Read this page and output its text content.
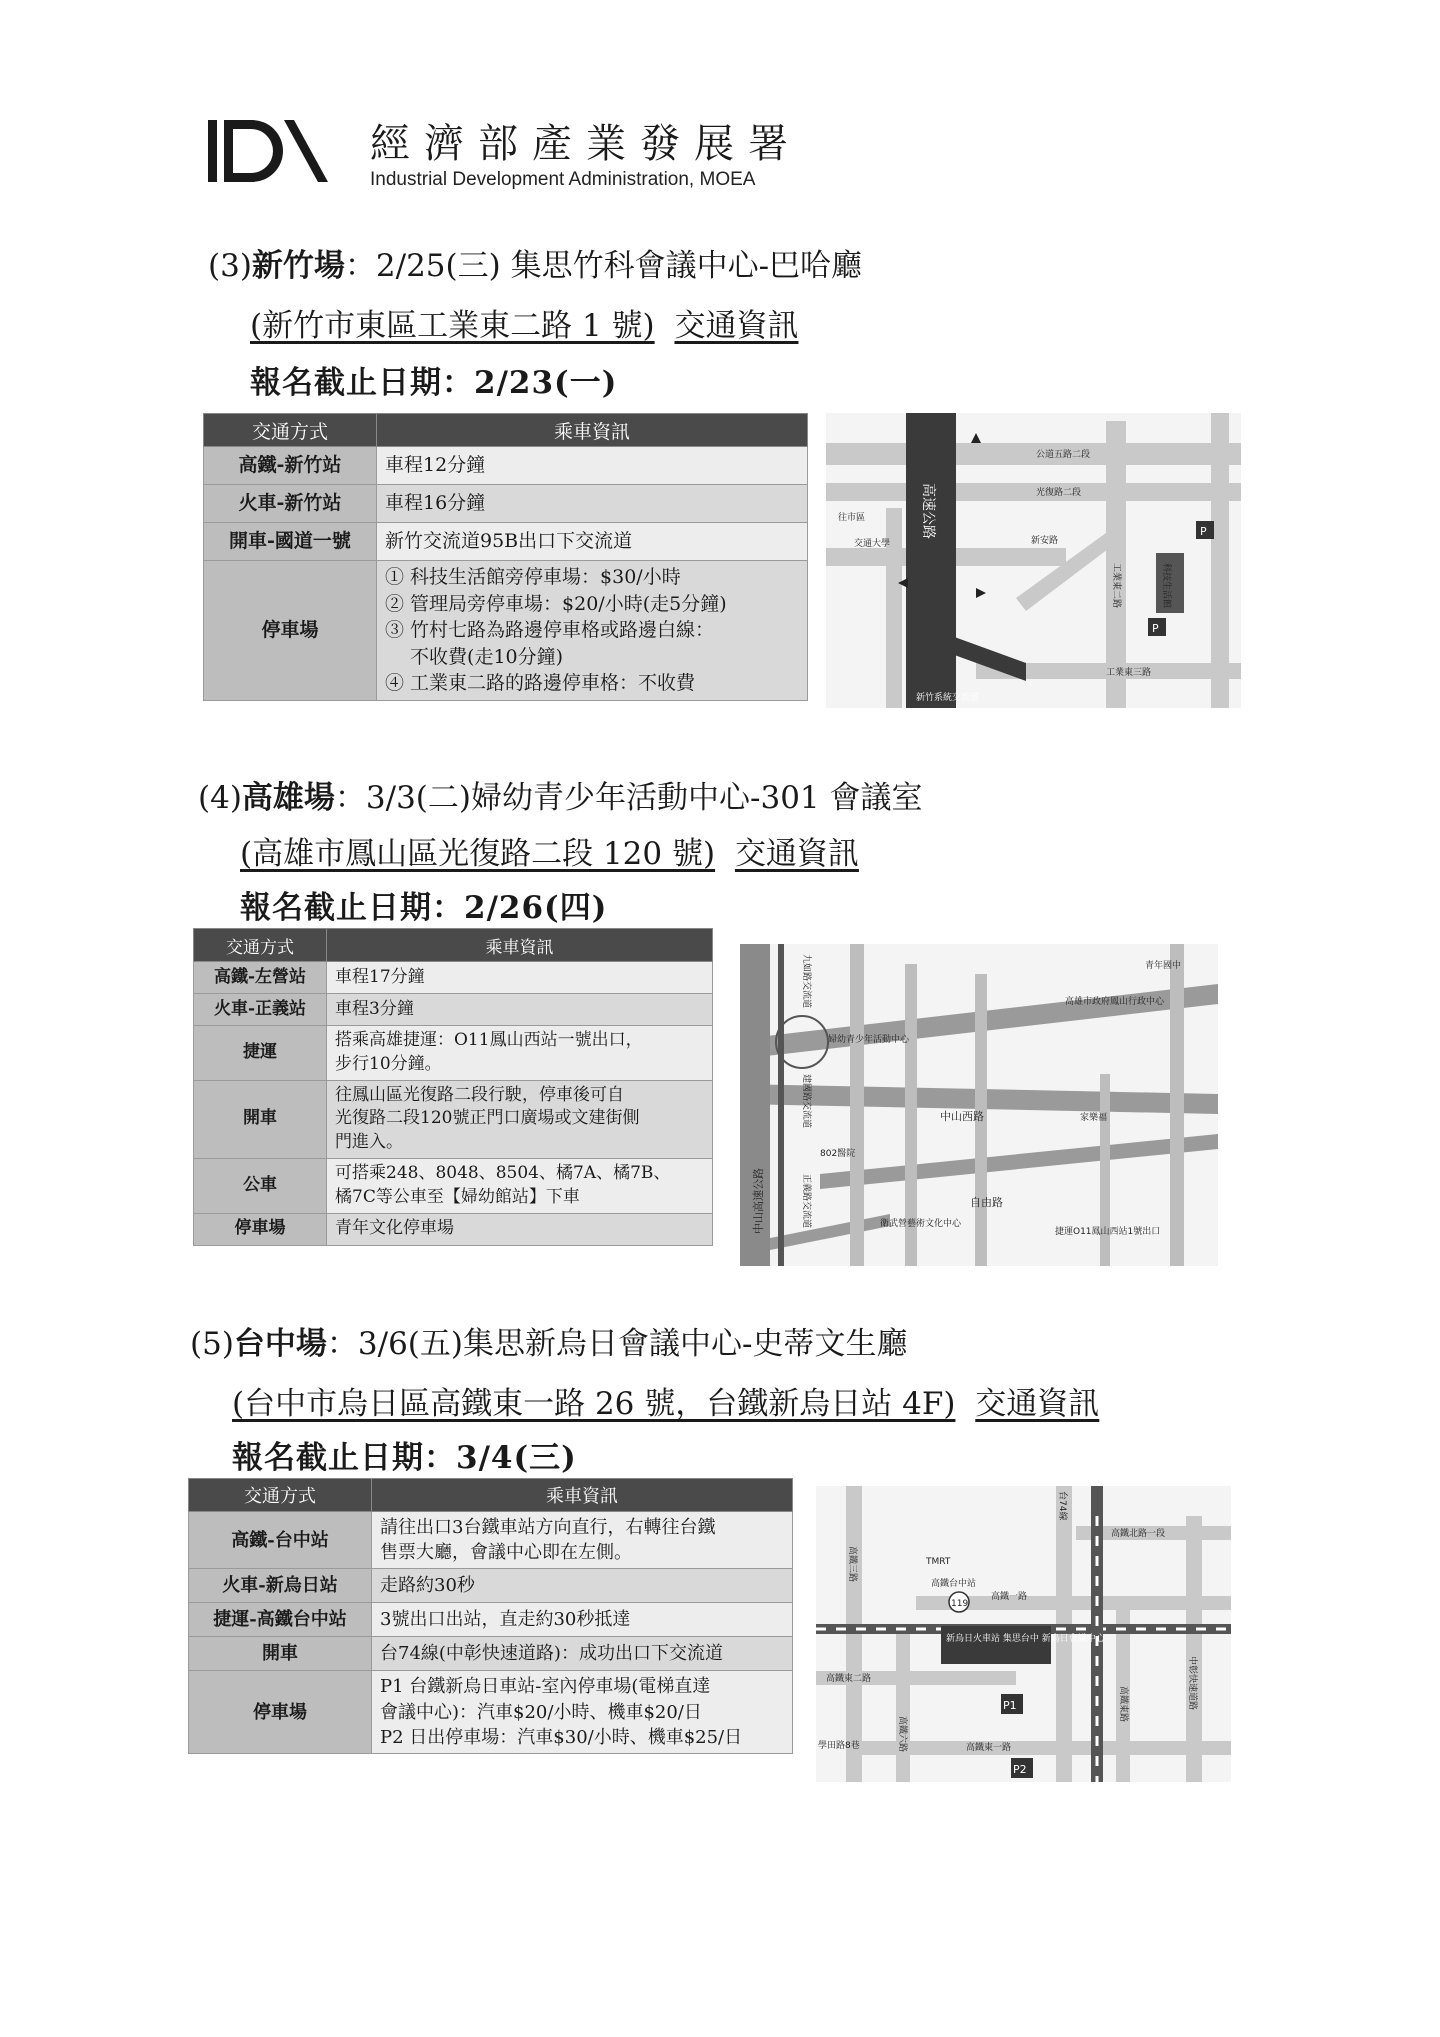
經濟部產業發展署
Industrial Development Administration, MOEA
(3)新竹場：2/25(三) 集思竹科會議中心-巴哈廳
(新竹市東區工業東二路 1 號) 交通資訊
報名截止日期：2/23(一)
交通方式	乘車資訊
高鐵-新竹站	車程12分鐘
火車-新竹站	車程16分鐘
開車-國道一號	新竹交流道95B出口下交流道
停車場	① 科技生活館旁停車場：$30/小時
② 管理局旁停車場：$20/小時(走5分鐘)
③ 竹村七路為路邊停車格或路邊白線：
　 不收費(走10分鐘)
④ 工業東二路的路邊停車格：不收費
P
P
高速公路
公道五路二段
光復路二段
工業東二路
工業東三路
新安路
往市區
交通大學
科技生活館
新竹系統交流道
(4)高雄場：3/3(二)婦幼青少年活動中心-301 會議室
(高雄市鳳山區光復路二段 120 號) 交通資訊
報名截止日期：2/26(四)
交通方式	乘車資訊
高鐵-左營站	車程17分鐘
火車-正義站	車程3分鐘
捷運	搭乘高雄捷運：O11鳳山西站一號出口，
步行10分鐘。
開車	往鳳山區光復路二段行駛，停車後可自
光復路二段120號正門口廣場或文建街側
門進入。
公車	可搭乘248、8048、8504、橘7A、橘7B、
橘7C等公車至【婦幼館站】下車
停車場	青年文化停車場
婦幼青少年活動中心
中山高速公路
九如路交流道
建國路交流道
正義路交流道
中山西路
自由路
高雄市政府鳳山行政中心
802醫院
衛武營藝術文化中心
家樂福
捷運O11鳳山西站1號出口
青年國中
(5)台中場：3/6(五)集思新烏日會議中心-史蒂文生廳
(台中市烏日區高鐵東一路 26 號，台鐵新烏日站 4F) 交通資訊
報名截止日期：3/4(三)
交通方式	乘車資訊
高鐵-台中站	請往出口3台鐵車站方向直行，右轉往台鐵
售票大廳，會議中心即在左側。
火車-新烏日站	走路約30秒
捷運-高鐵台中站	3號出口出站，直走約30秒抵達
開車	台74線(中彰快速道路)：成功出口下交流道
停車場	P1 台鐵新烏日車站-室內停車場(電梯直達
會議中心)：汽車$20/小時、機車$20/日
P2 日出停車場：汽車$30/小時、機車$25/日
新烏日火車站 集思台中 新烏日會議中心
P1
P2
119
高鐵台中站
TMRT
高鐵一路
高鐵北路一段
高鐵東二路
高鐵東一路
學田路8巷
高鐵東路	中彰快速道路
高鐵六路
高鐵三路
台74線
